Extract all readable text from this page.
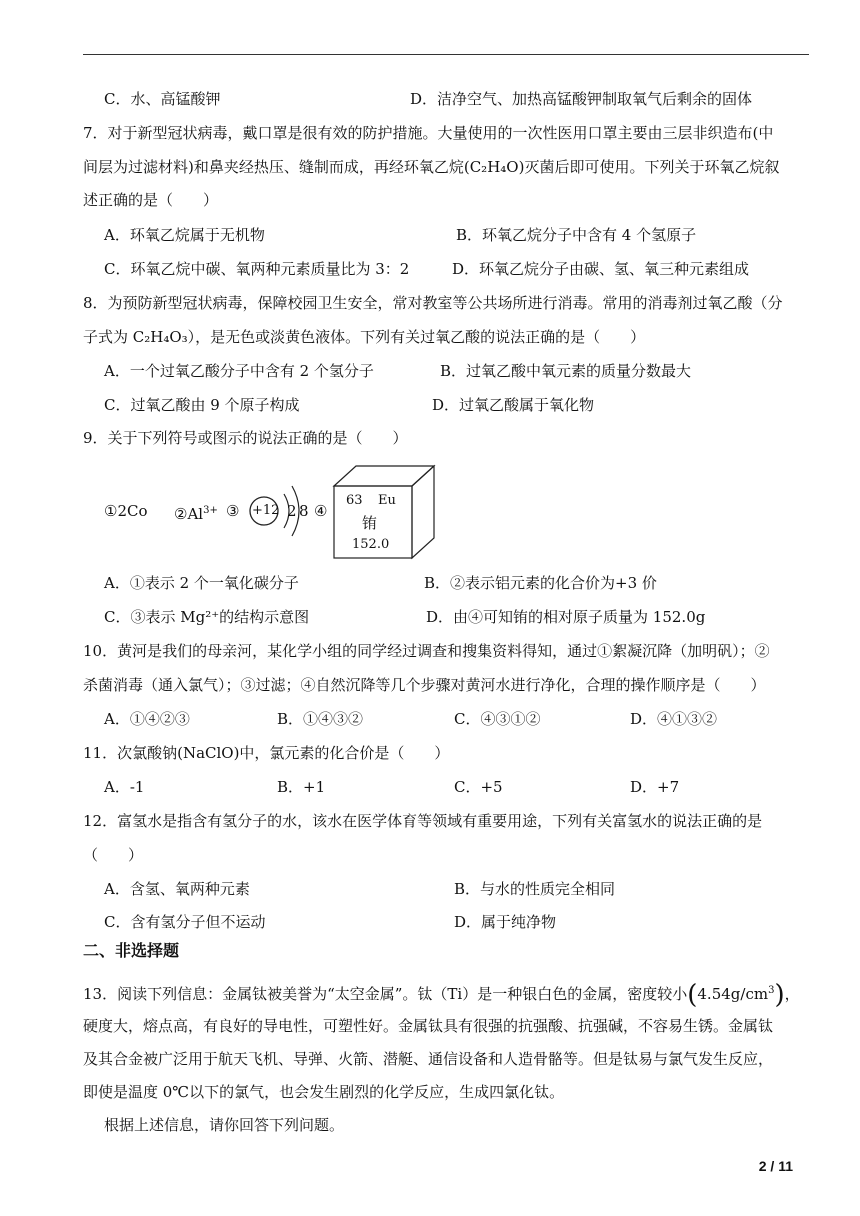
C．水、高锰酸钾	D．洁净空气、加热高锰酸钾制取氧气后剩余的固体
7．对于新型冠状病毒，戴口罩是很有效的防护措施。大量使用的一次性医用口罩主要由三层非织造布(中
间层为过滤材料)和鼻夹经热压、缝制而成，再经环氧乙烷(C₂H₄O)灭菌后即可使用。下列关于环氧乙烷叙
述正确的是（　　）
A．环氧乙烷属于无机物	B．环氧乙烷分子中含有 4 个氢原子
C．环氧乙烷中碳、氧两种元素质量比为 3：2	D．环氧乙烷分子由碳、氢、氧三种元素组成
8．为预防新型冠状病毒，保障校园卫生安全，常对教室等公共场所进行消毒。常用的消毒剂过氧乙酸（分
子式为 C₂H₄O₃），是无色或淡黄色液体。下列有关过氧乙酸的说法正确的是（　　）
A．一个过氧乙酸分子中含有 2 个氢分子	B．过氧乙酸中氧元素的质量分数最大
C．过氧乙酸由 9 个原子构成	D．过氧乙酸属于氧化物
9．关于下列符号或图示的说法正确的是（　　）
①2Co $②Al^{3+}$ ③ +12 2 8 ④
63 Eu
铕
152.0
A．①表示 2 个一氧化碳分子	B．②表示铝元素的化合价为+3 价
C．③表示 Mg²⁺的结构示意图	D．由④可知铕的相对原子质量为 152.0g
10．黄河是我们的母亲河，某化学小组的同学经过调查和搜集资料得知，通过①絮凝沉降（加明矾）；②
杀菌消毒（通入氯气）；③过滤；④自然沉降等几个步骤对黄河水进行净化，合理的操作顺序是（　　）
A．①④②③	B．①④③②	C．④③①②	D．④①③②
11．次氯酸钠(NaClO)中，氯元素的化合价是（　　）
A．-1	B．+1	C．+5	D．+7
12．富氢水是指含有氢分子的水，该水在医学体育等领域有重要用途，下列有关富氢水的说法正确的是
（　　）
A．含氢、氧两种元素	B．与水的性质完全相同
C．含有氢分子但不运动	D．属于纯净物
二、非选择题
13．阅读下列信息：金属钛被美誉为“太空金属”。钛（Ti）是一种银白色的金属，密度较小$(4.54g/cm^3)$，
硬度大，熔点高，有良好的导电性，可塑性好。金属钛具有很强的抗强酸、抗强碱，不容易生锈。金属钛
及其合金被广泛用于航天飞机、导弹、火箭、潜艇、通信设备和人造骨骼等。但是钛易与氯气发生反应，
即使是温度 0℃以下的氯气，也会发生剧烈的化学反应，生成四氯化钛。
根据上述信息，请你回答下列问题。
2 / 11
